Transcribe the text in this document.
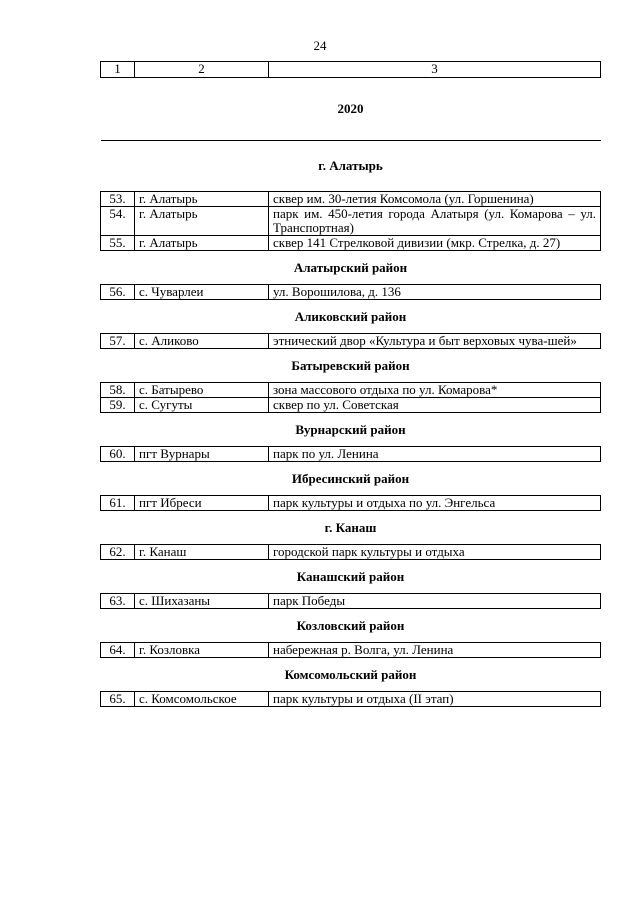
24
1	2	3
2020		
г. Алатырь		
53.	г. Алатырь	сквер им. 30-летия Комсомола (ул. Горшенина)
54.	г. Алатырь	парк им. 450-летия города Алатыря (ул. Комарова – ул. Транспортная)
55.	г. Алатырь	сквер 141 Стрелковой дивизии (мкр. Стрелка, д. 27)
Алатырский район		
56.	с. Чуварлеи	ул. Ворошилова, д. 136
Аликовский район		
57.	с. Аликово	этнический двор «Культура и быт верховых чува-шей»
Батыревский район		
58.	с. Батырево	зона массового отдыха по ул. Комарова*
59.	с. Сугуты	сквер по ул. Советская
Вурнарский район		
60.	пгт Вурнары	парк по ул. Ленина
Ибресинский район		
61.	пгт Ибреси	парк культуры и отдыха по ул. Энгельса
г. Канаш		
62.	г. Канаш	городской парк культуры и отдыха
Канашский район		
63.	с. Шихазаны	парк Победы
Козловский район		
64.	г. Козловка	набережная р. Волга, ул. Ленина
Комсомольский район		
65.	с. Комсомольское	парк культуры и отдыха (II этап)
